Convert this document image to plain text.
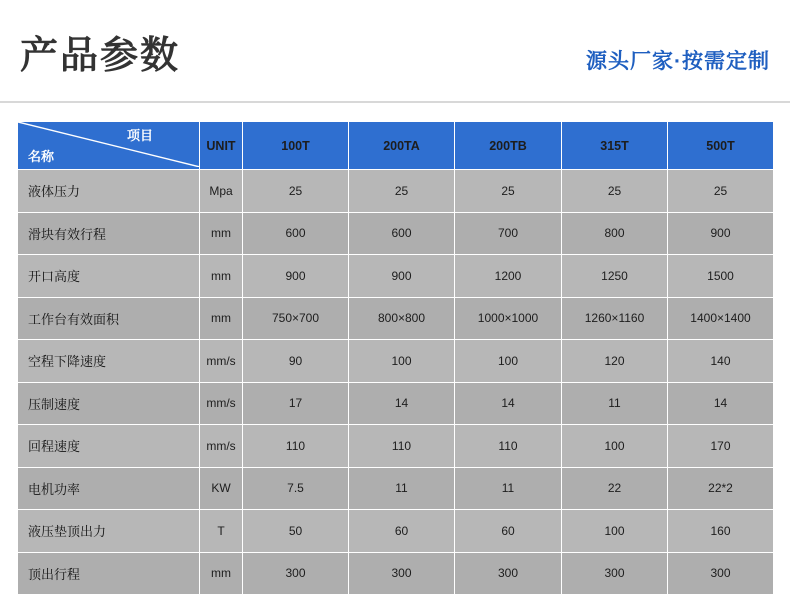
产品参数	源头厂家·按需定制
项目
名称	UNIT	100T	200TA	200TB	315T	500T
液体压力	Mpa	25	25	25	25	25
滑块有效行程	mm	600	600	700	800	900
开口高度	mm	900	900	1200	1250	1500
工作台有效面积	mm	750×700	800×800	1000×1000	1260×1160	1400×1400
空程下降速度	mm/s	90	100	100	120	140
压制速度	mm/s	17	14	14	11	14
回程速度	mm/s	110	110	110	100	170
电机功率	KW	7.5	11	11	22	22*2
液压垫顶出力	T	50	60	60	100	160
顶出行程	mm	300	300	300	300	300
